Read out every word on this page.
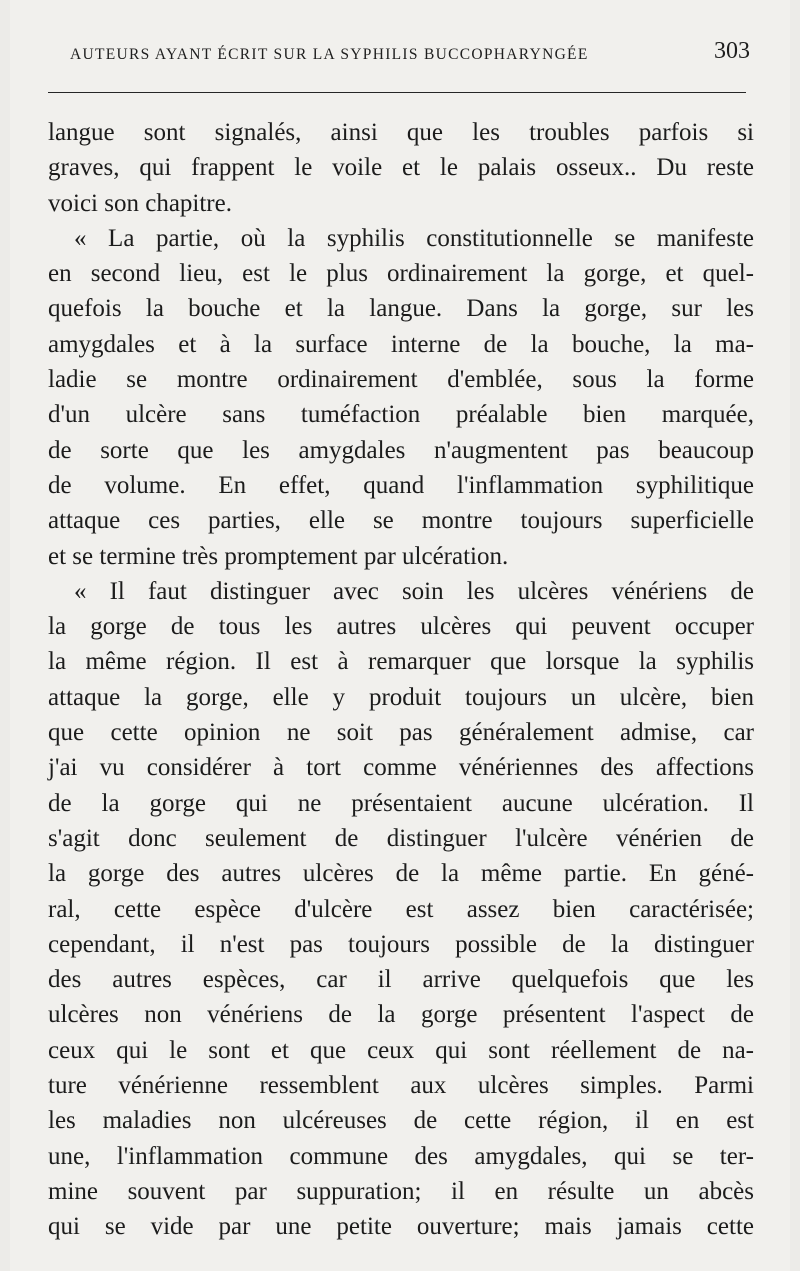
AUTEURS AYANT ÉCRIT SUR LA SYPHILIS BUCCOPHARYNGÉE	303
langue sont signalés, ainsi que les troubles parfois si
graves, qui frappent le voile et le palais osseux.. Du reste
voici son chapitre.
« La partie, où la syphilis constitutionnelle se manifeste
en second lieu, est le plus ordinairement la gorge, et quel-
quefois la bouche et la langue. Dans la gorge, sur les
amygdales et à la surface interne de la bouche, la ma-
ladie se montre ordinairement d'emblée, sous la forme
d'un ulcère sans tuméfaction préalable bien marquée,
de sorte que les amygdales n'augmentent pas beaucoup
de volume. En effet, quand l'inflammation syphilitique
attaque ces parties, elle se montre toujours superficielle
et se termine très promptement par ulcération.
« Il faut distinguer avec soin les ulcères vénériens de
la gorge de tous les autres ulcères qui peuvent occuper
la même région. Il est à remarquer que lorsque la syphilis
attaque la gorge, elle y produit toujours un ulcère, bien
que cette opinion ne soit pas généralement admise, car
j'ai vu considérer à tort comme vénériennes des affections
de la gorge qui ne présentaient aucune ulcération. Il
s'agit donc seulement de distinguer l'ulcère vénérien de
la gorge des autres ulcères de la même partie. En géné-
ral, cette espèce d'ulcère est assez bien caractérisée;
cependant, il n'est pas toujours possible de la distinguer
des autres espèces, car il arrive quelquefois que les
ulcères non vénériens de la gorge présentent l'aspect de
ceux qui le sont et que ceux qui sont réellement de na-
ture vénérienne ressemblent aux ulcères simples. Parmi
les maladies non ulcéreuses de cette région, il en est
une, l'inflammation commune des amygdales, qui se ter-
mine souvent par suppuration; il en résulte un abcès
qui se vide par une petite ouverture; mais jamais cette
